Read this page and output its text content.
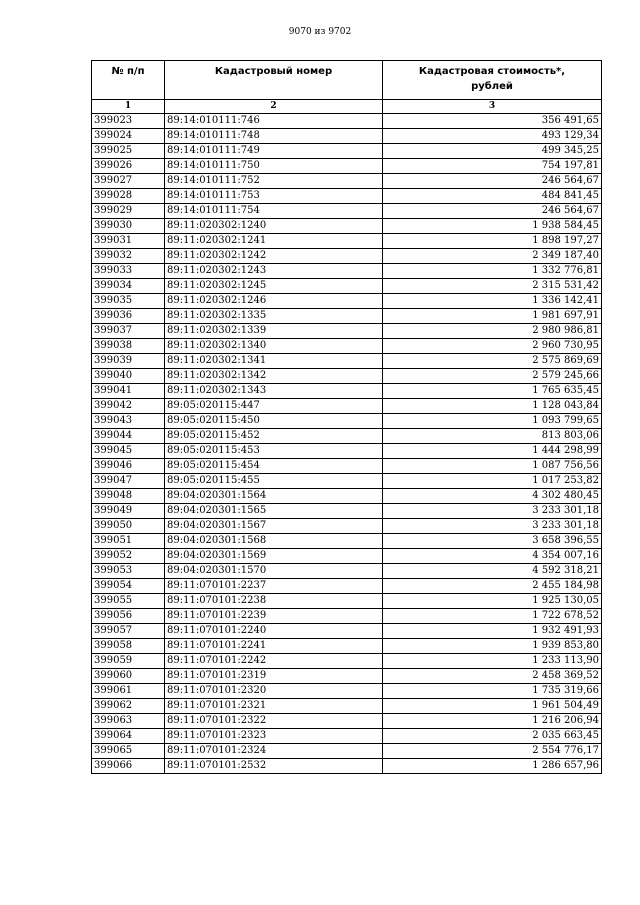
9070 из 9702
№ п/п	Кадастровый номер	Кадастровая стоимость*,
рублей

1	2	3
399023	89:14:010111:746	356 491,65
399024	89:14:010111:748	493 129,34
399025	89:14:010111:749	499 345,25
399026	89:14:010111:750	754 197,81
399027	89:14:010111:752	246 564,67
399028	89:14:010111:753	484 841,45
399029	89:14:010111:754	246 564,67
399030	89:11:020302:1240	1 938 584,45
399031	89:11:020302:1241	1 898 197,27
399032	89:11:020302:1242	2 349 187,40
399033	89:11:020302:1243	1 332 776,81
399034	89:11:020302:1245	2 315 531,42
399035	89:11:020302:1246	1 336 142,41
399036	89:11:020302:1335	1 981 697,91
399037	89:11:020302:1339	2 980 986,81
399038	89:11:020302:1340	2 960 730,95
399039	89:11:020302:1341	2 575 869,69
399040	89:11:020302:1342	2 579 245,66
399041	89:11:020302:1343	1 765 635,45
399042	89:05:020115:447	1 128 043,84
399043	89:05:020115:450	1 093 799,65
399044	89:05:020115:452	813 803,06
399045	89:05:020115:453	1 444 298,99
399046	89:05:020115:454	1 087 756,56
399047	89:05:020115:455	1 017 253,82
399048	89:04:020301:1564	4 302 480,45
399049	89:04:020301:1565	3 233 301,18
399050	89:04:020301:1567	3 233 301,18
399051	89:04:020301:1568	3 658 396,55
399052	89:04:020301:1569	4 354 007,16
399053	89:04:020301:1570	4 592 318,21
399054	89:11:070101:2237	2 455 184,98
399055	89:11:070101:2238	1 925 130,05
399056	89:11:070101:2239	1 722 678,52
399057	89:11:070101:2240	1 932 491,93
399058	89:11:070101:2241	1 939 853,80
399059	89:11:070101:2242	1 233 113,90
399060	89:11:070101:2319	2 458 369,52
399061	89:11:070101:2320	1 735 319,66
399062	89:11:070101:2321	1 961 504,49
399063	89:11:070101:2322	1 216 206,94
399064	89:11:070101:2323	2 035 663,45
399065	89:11:070101:2324	2 554 776,17
399066	89:11:070101:2532	1 286 657,96
